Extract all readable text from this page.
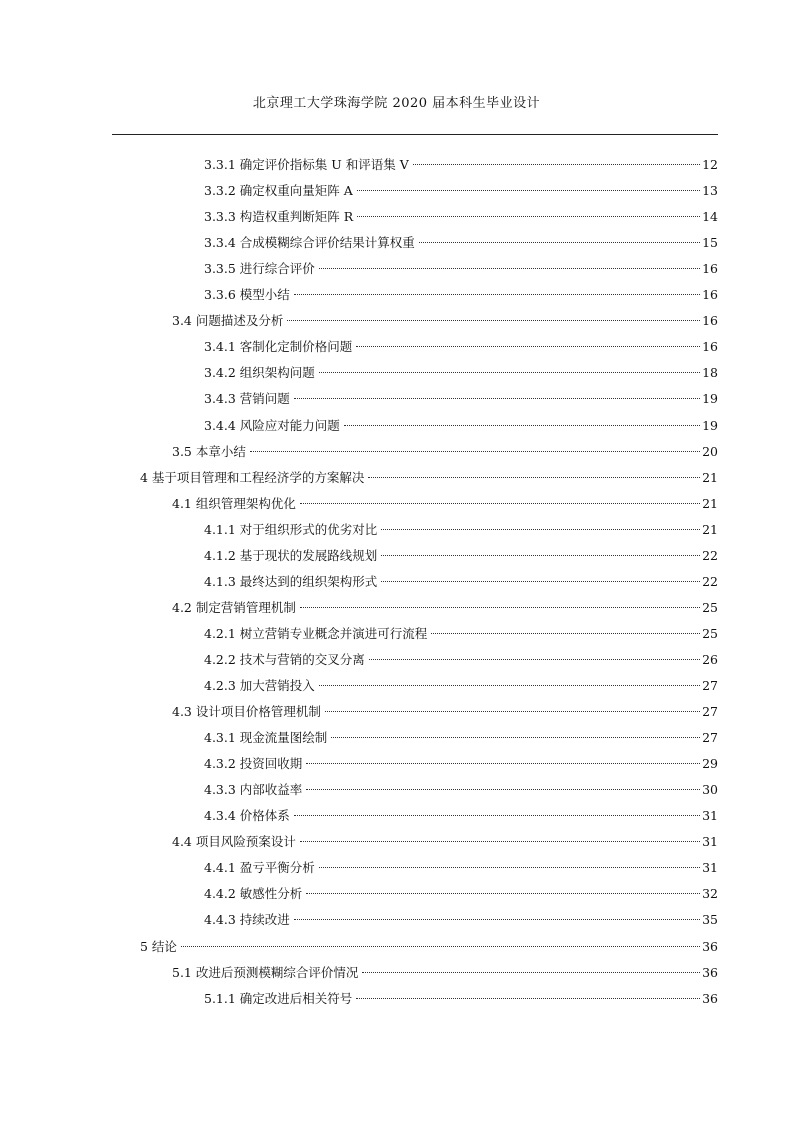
北京理工大学珠海学院 2020 届本科生毕业设计
3.3.1 确定评价指标集 U 和评语集 V	12
3.3.2 确定权重向量矩阵 A	13
3.3.3 构造权重判断矩阵 R	14
3.3.4 合成模糊综合评价结果计算权重	15
3.3.5 进行综合评价	16
3.3.6 模型小结	16
3.4 问题描述及分析	16
3.4.1 客制化定制价格问题	16
3.4.2 组织架构问题	18
3.4.3 营销问题	19
3.4.4 风险应对能力问题	19
3.5 本章小结	20
4 基于项目管理和工程经济学的方案解决	21
4.1 组织管理架构优化	21
4.1.1 对于组织形式的优劣对比	21
4.1.2 基于现状的发展路线规划	22
4.1.3 最终达到的组织架构形式	22
4.2 制定营销管理机制	25
4.2.1 树立营销专业概念并演进可行流程	25
4.2.2 技术与营销的交叉分离	26
4.2.3 加大营销投入	27
4.3 设计项目价格管理机制	27
4.3.1 现金流量图绘制	27
4.3.2 投资回收期	29
4.3.3 内部收益率	30
4.3.4 价格体系	31
4.4 项目风险预案设计	31
4.4.1 盈亏平衡分析	31
4.4.2 敏感性分析	32
4.4.3 持续改进	35
5 结论	36
5.1 改进后预测模糊综合评价情况	36
5.1.1 确定改进后相关符号	36
